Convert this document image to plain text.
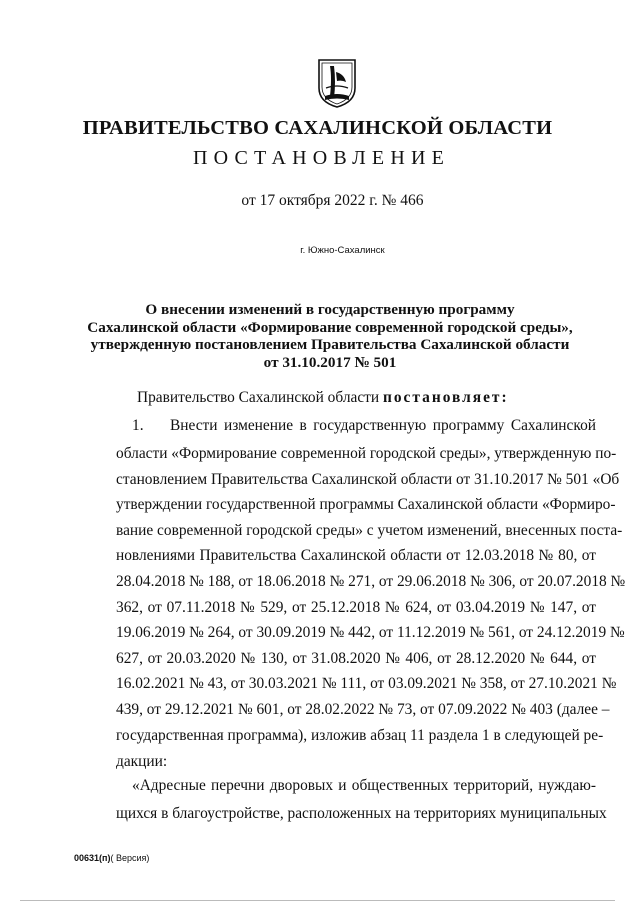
ПРАВИТЕЛЬСТВО САХАЛИНСКОЙ ОБЛАСТИ
ПОСТАНОВЛЕНИЕ
от 17 октября 2022 г. № 466
г. Южно-Сахалинск
О внесении изменений в государственную программу
Сахалинской области «Формирование современной городской среды»,
утвержденную постановлением Правительства Сахалинской области
от 31.10.2017 № 501
Правительство Сахалинской области постановляет:
1. Внести изменение в государственную программу Сахалинской
области «Формирование современной городской среды», утвержденную по-
становлением Правительства Сахалинской области от 31.10.2017 № 501 «Об
утверждении государственной программы Сахалинской области «Формиро-
вание современной городской среды» с учетом изменений, внесенных поста-
новлениями Правительства Сахалинской области от 12.03.2018 № 80, от
28.04.2018 № 188, от 18.06.2018 № 271, от 29.06.2018 № 306, от 20.07.2018 №
362, от 07.11.2018 № 529, от 25.12.2018 № 624, от 03.04.2019 № 147, от
19.06.2019 № 264, от 30.09.2019 № 442, от 11.12.2019 № 561, от 24.12.2019 №
627, от 20.03.2020 № 130, от 31.08.2020 № 406, от 28.12.2020 № 644, от
16.02.2021 № 43, от 30.03.2021 № 111, от 03.09.2021 № 358, от 27.10.2021 №
439, от 29.12.2021 № 601, от 28.02.2022 № 73, от 07.09.2022 № 403 (далее –
государственная программа), изложив абзац 11 раздела 1 в следующей ре-
дакции:
«Адресные перечни дворовых и общественных территорий, нуждаю-
щихся в благоустройстве, расположенных на территориях муниципальных
00631(п)( Версия)
